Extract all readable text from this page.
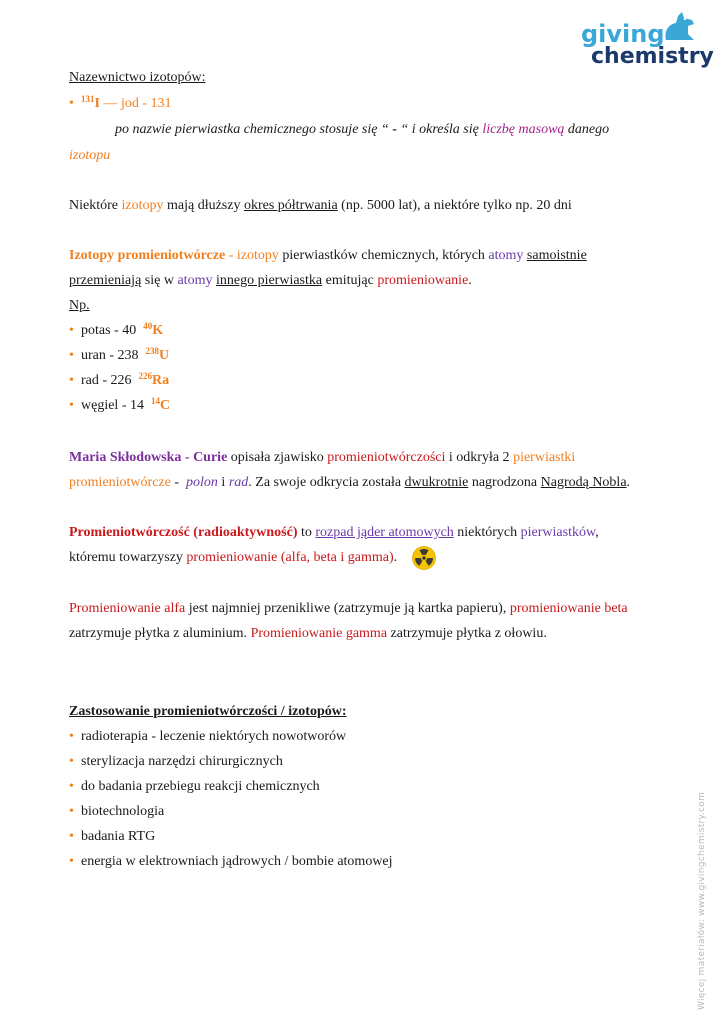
giving
chemistry
Nazewnictwo izotopów:
• $^{131}$I — jod - 131
po nazwie pierwiastka chemicznego stosuje się “ - “ i określa się liczbę masową danego
izotopu
Niektóre izotopy mają dłuższy okres półtrwania (np. 5000 lat), a niektóre tylko np. 20 dni
Izotopy promieniotwórcze - izotopy pierwiastków chemicznych, których atomy samoistnie
przemieniają się w atomy innego pierwiastka emitując promieniowanie.
Np.
• potas - 40 $^{40}$K
• uran - 238 $^{238}$U
• rad - 226 $^{226}$Ra
• węgiel - 14 $^{14}$C
Maria Skłodowska - Curie opisała zjawisko promieniotwórczości i odkryła 2 pierwiastki
promieniotwórcze -  polon i rad. Za swoje odkrycia została dwukrotnie nagrodzona Nagrodą Nobla.
Promieniotwórczość (radioaktywność) to rozpad jąder atomowych niektórych pierwiastków,
któremu towarzyszy promieniowanie (alfa, beta i gamma).
Promieniowanie alfa jest najmniej przenikliwe (zatrzymuje ją kartka papieru), promieniowanie beta
zatrzymuje płytka z aluminium. Promieniowanie gamma zatrzymuje płytka z ołowiu.
Zastosowanie promieniotwórczości / izotopów:
• radioterapia - leczenie niektórych nowotworów
• sterylizacja narzędzi chirurgicznych
• do badania przebiegu reakcji chemicznych
• biotechnologia
• badania RTG
• energia w elektrowniach jądrowych / bombie atomowej	Więcej materiałów: www.givingchemistry.com
